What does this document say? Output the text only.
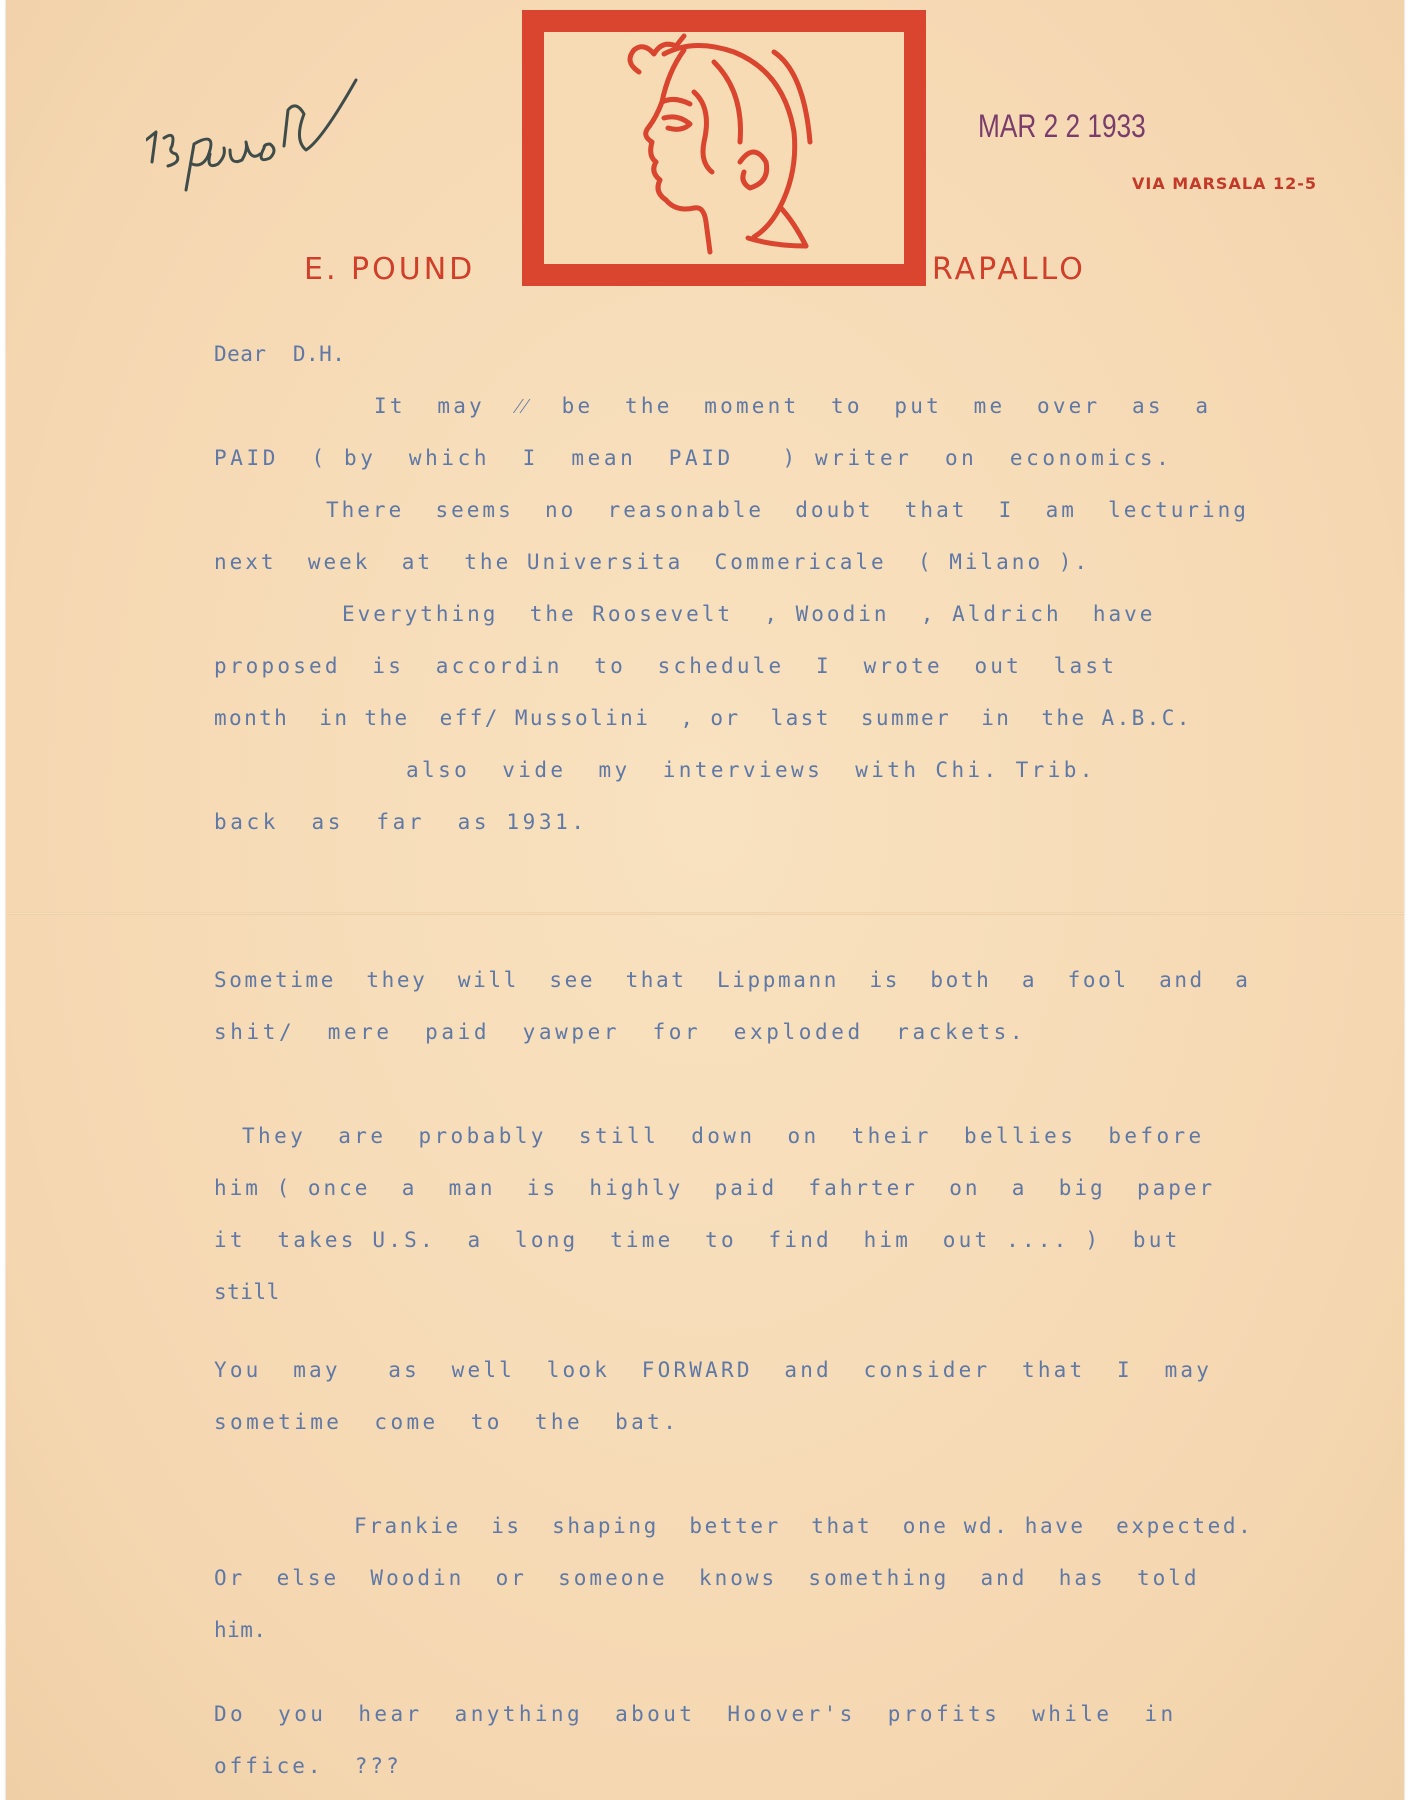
E. POUND	RAPALLO
VIA MARSALA 12-5
MAR 2 2 1933
Dear  D.H.
It  may  ⁄⁄  be  the  moment  to  put  me  over  as  a
PAID  ( by  which  I  mean  PAID   ) writer  on  economics.
There  seems  no  reasonable  doubt  that  I  am  lecturing
next  week  at  the Universita  Commericale  ( Milano ).
Everything  the Roosevelt  , Woodin  , Aldrich  have
proposed  is  accordin  to  schedule  I  wrote  out  last
month  in the  eff/ Mussolini  , or  last  summer  in  the A.B.C.
also  vide  my  interviews  with Chi. Trib.
back  as  far  as 1931.
Sometime  they  will  see  that  Lippmann  is  both  a  fool  and  a
shit/  mere  paid  yawper  for  exploded  rackets.
They  are  probably  still  down  on  their  bellies  before
him ( once  a  man  is  highly  paid  fahrter  on  a  big  paper
it  takes U.S.  a  long  time  to  find  him  out .... )  but
still
You  may   as  well  look  FORWARD  and  consider  that  I  may
sometime  come  to  the  bat.
Frankie  is  shaping  better  that  one wd. have  expected.
Or  else  Woodin  or  someone  knows  something  and  has  told
him.
Do  you  hear  anything  about  Hoover's  profits  while  in
office.  ???
